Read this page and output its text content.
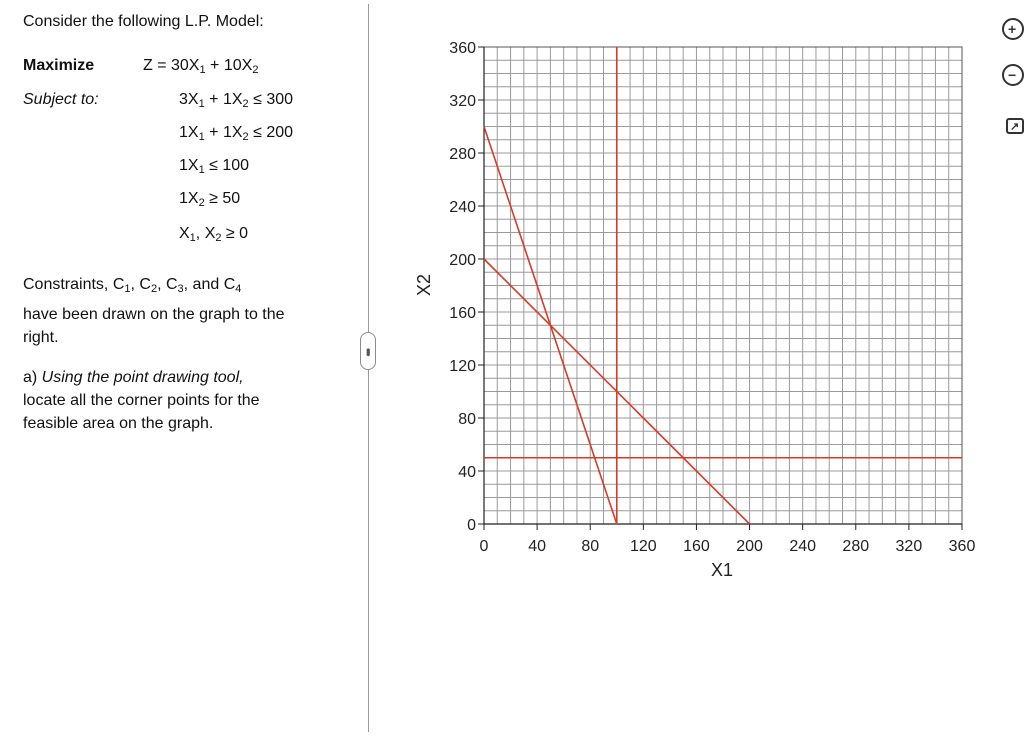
Consider the following L.P. Model:
Maximize	$Z = 30X_1 + 10X_2$
Subject to:	$3X_1 + 1X_2 \le 300$
$1X_1 + 1X_2 \le 200$
$1X_1 \le 100$
$1X_2 \ge 50$
$X_1$, $X_2 \ge 0$
Constraints, $C_1$, $C_2$, $C_3$, and $C_4$
have been drawn on the graph to the
right.
a) Using the point drawing tool,
locate all the corner points for the
feasible area on the graph.
•••
0 40 80 120 160 200 240 280 320 360
0
40
80
120
160
200
240
280
320
360
X1
X2
+
−
↗
